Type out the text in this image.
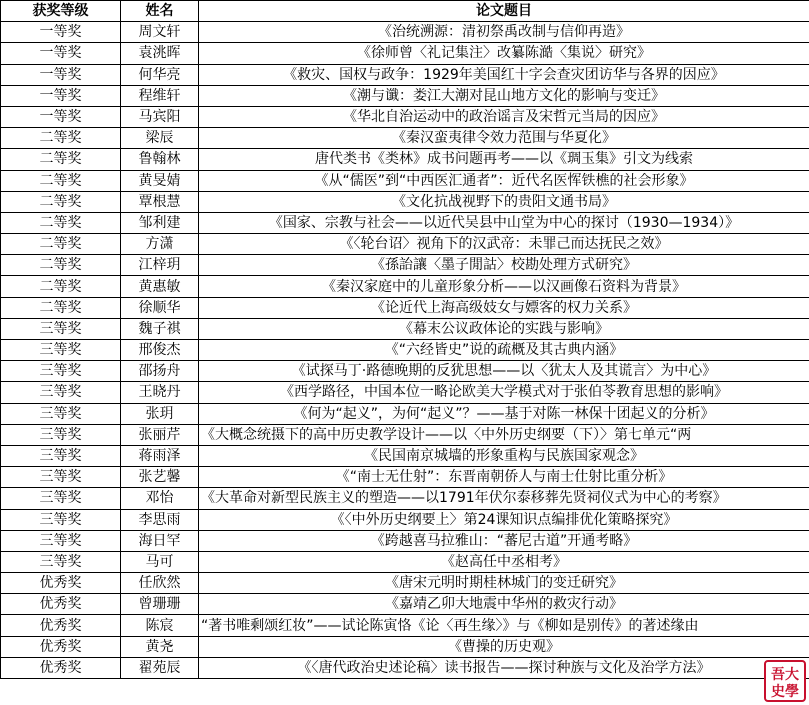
获奖等级	姓名	论文题目
一等奖	周文轩	《治统溯源：清初祭禹改制与信仰再造》
一等奖	袁洮晖	《徐师曾〈礼记集注〉改纂陈澔〈集说〉研究》
一等奖	何华亮	《救灾、国权与政争：1929年美国红十字会查灾团访华与各界的因应》
一等奖	程维轩	《潮与谶：娄江大潮对昆山地方文化的影响与变迁》
一等奖	马宾阳	《华北自治运动中的政治谣言及宋哲元当局的因应》
二等奖	梁辰	《秦汉蛮夷律令效力范围与华夏化》
二等奖	鲁翰林	唐代类书《类林》成书问题再考——以《琱玉集》引文为线索
二等奖	黄旻婧	《从“儒医”到“中西医汇通者”：近代名医恽铁樵的社会形象》
二等奖	覃根慧	《文化抗战视野下的贵阳文通书局》
二等奖	邹利建	《国家、宗教与社会——以近代吴县中山堂为中心的探讨（1930—1934）》
二等奖	方潇	《〈轮台诏〉视角下的汉武帝：未罪己而达抚民之效》
二等奖	江梓玥	《孫詒讓〈墨子閒詁〉校勘处理方式研究》
二等奖	黄惠敏	《秦汉家庭中的儿童形象分析——以汉画像石资料为背景》
二等奖	徐顺华	《论近代上海高级妓女与嫖客的权力关系》
三等奖	魏子祺	《幕末公议政体论的实践与影响》
三等奖	邢俊杰	《“六经皆史”说的疏概及其古典内涵》
三等奖	邵扬舟	《试探马丁·路德晚期的反犹思想——以〈犹太人及其谎言〉为中心》
三等奖	王晓丹	《西学路径，中国本位一略论欧美大学模式对于张伯苓教育思想的影响》
三等奖	张玥	《何为“起义”，为何“起义”？——基于对陈一林保十团起义的分析》
三等奖	张丽芹	《大概念统摄下的高中历史教学设计——以〈中外历史纲要（下）〉第七单元“两
三等奖	蒋雨泽	《民国南京城墙的形象重构与民族国家观念》
三等奖	张艺馨	《“南士无仕射”：东晋南朝侨人与南士仕射比重分析》
三等奖	邓怡	《大革命对新型民族主义的塑造——以1791年伏尔泰移葬先贤祠仪式为中心的考察》
三等奖	李思雨	《〈中外历史纲要上〉第24课知识点编排优化策略探究》
三等奖	海日罕	《跨越喜马拉雅山：“蕃尼古道”开通考略》
三等奖	马可	《赵高任中丞相考》
优秀奖	任欣然	《唐宋元明时期桂林城门的变迁研究》
优秀奖	曾珊珊	《嘉靖乙卯大地震中华州的救灾行动》
优秀奖	陈宸	“著书唯剩颂红妆”——试论陈寅恪《论〈再生缘〉》与《柳如是别传》的著述缘由
优秀奖	黄尧	《曹操的历史观》
优秀奖	翟苑辰	《〈唐代政治史述论稿〉读书报告——探讨种族与文化及治学方法》	吾大
史學
